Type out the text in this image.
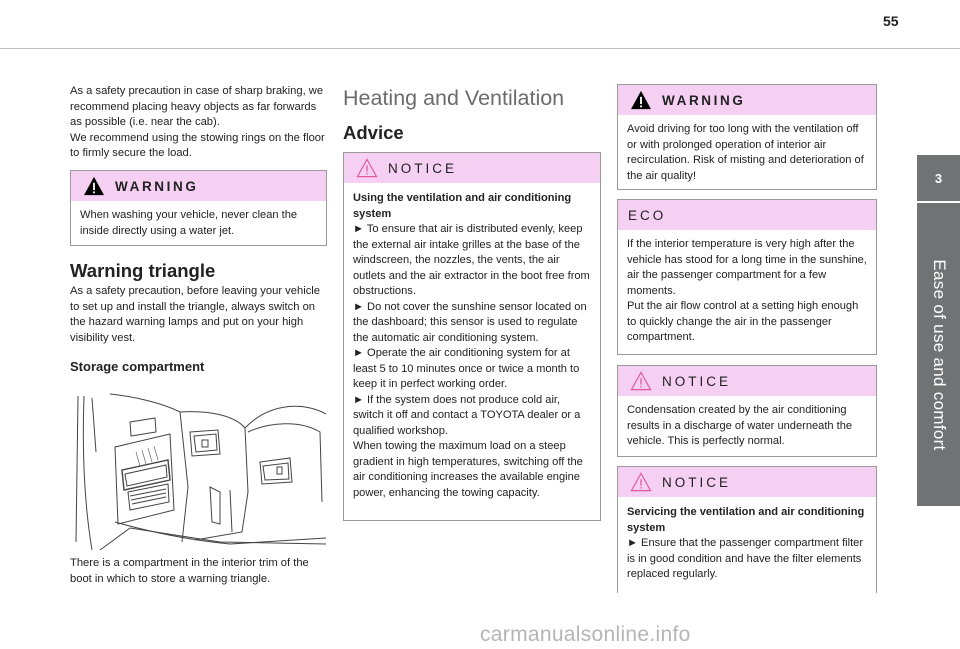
55
3
Ease of use and comfort

As a safety precaution in case of sharp braking, we recommend placing heavy objects as far forwards as possible (i.e. near the cab).
We recommend using the stowing rings on the floor to firmly secure the load.

WARNING
When washing your vehicle, never clean the inside directly using a water jet.
Warning triangle

As a safety precaution, before leaving your vehicle to set up and install the triangle, always switch on the hazard warning lamps and put on your high visibility vest.

Storage compartment

There is a compartment in the interior trim of the boot in which to store a warning triangle.

Heating and Ventilation
Advice
NOTICE
Using the ventilation and air conditioning system
► To ensure that air is distributed evenly, keep the external air intake grilles at the base of the windscreen, the nozzles, the vents, the air outlets and the air extractor in the boot free from obstructions.
► Do not cover the sunshine sensor located on the dashboard; this sensor is used to regulate the automatic air conditioning system.
► Operate the air conditioning system for at least 5 to 10 minutes once or twice a month to keep it in perfect working order.
► If the system does not produce cold air, switch it off and contact a TOYOTA dealer or a qualified workshop.
When towing the maximum load on a steep gradient in high temperatures, switching off the air conditioning increases the available engine power, enhancing the towing capacity.
WARNING
Avoid driving for too long with the ventilation off or with prolonged operation of interior air recirculation. Risk of misting and deterioration of the air quality!
ECO
If the interior temperature is very high after the vehicle has stood for a long time in the sunshine, air the passenger compartment for a few moments.
Put the air flow control at a setting high enough to quickly change the air in the passenger compartment.
NOTICE
Condensation created by the air conditioning results in a discharge of water underneath the vehicle. This is perfectly normal.
NOTICE
Servicing the ventilation and air conditioning system
► Ensure that the passenger compartment filter is in good condition and have the filter elements replaced regularly.
carmanualsonline.info
